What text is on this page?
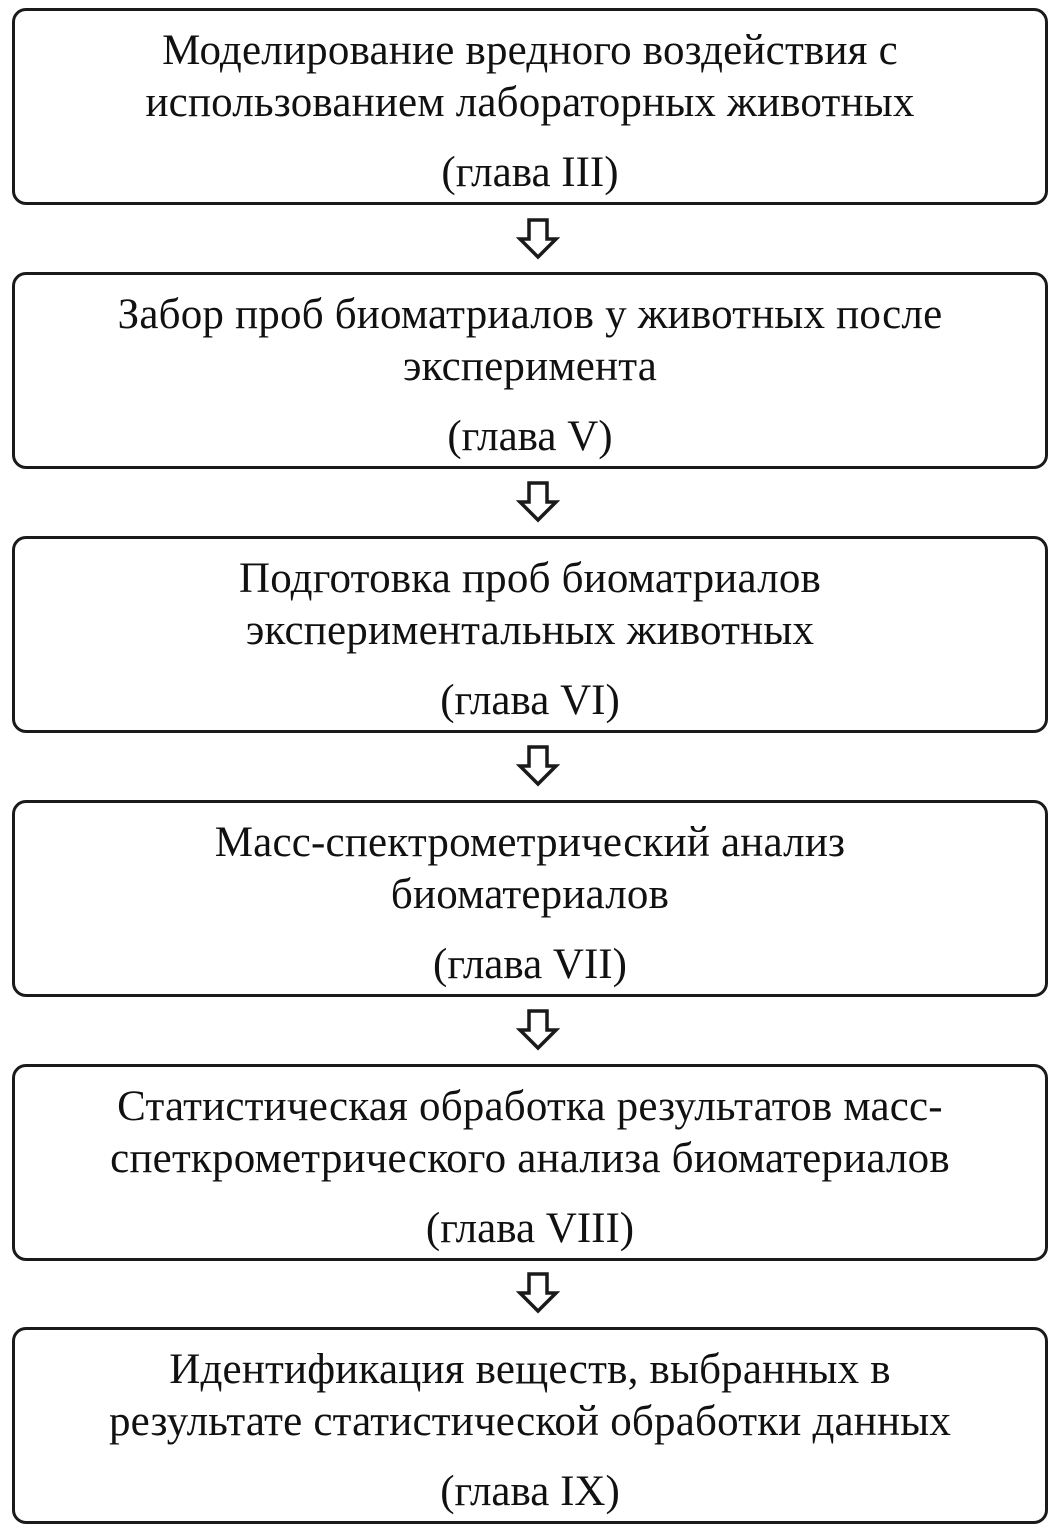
Моделирование вредного воздействия с
использованием лабораторных животных
(глава III)
Забор проб биоматриалов у животных после
эксперимента
(глава V)
Подготовка проб биоматриалов
экспериментальных животных
(глава VI)
Масс-спектрометрический анализ
биоматериалов
(глава VII)
Статистическая обработка результатов масс-
спеткрометрического анализа биоматериалов
(глава VIII)
Идентификация веществ, выбранных в
результате статистической обработки данных
(глава IX)
